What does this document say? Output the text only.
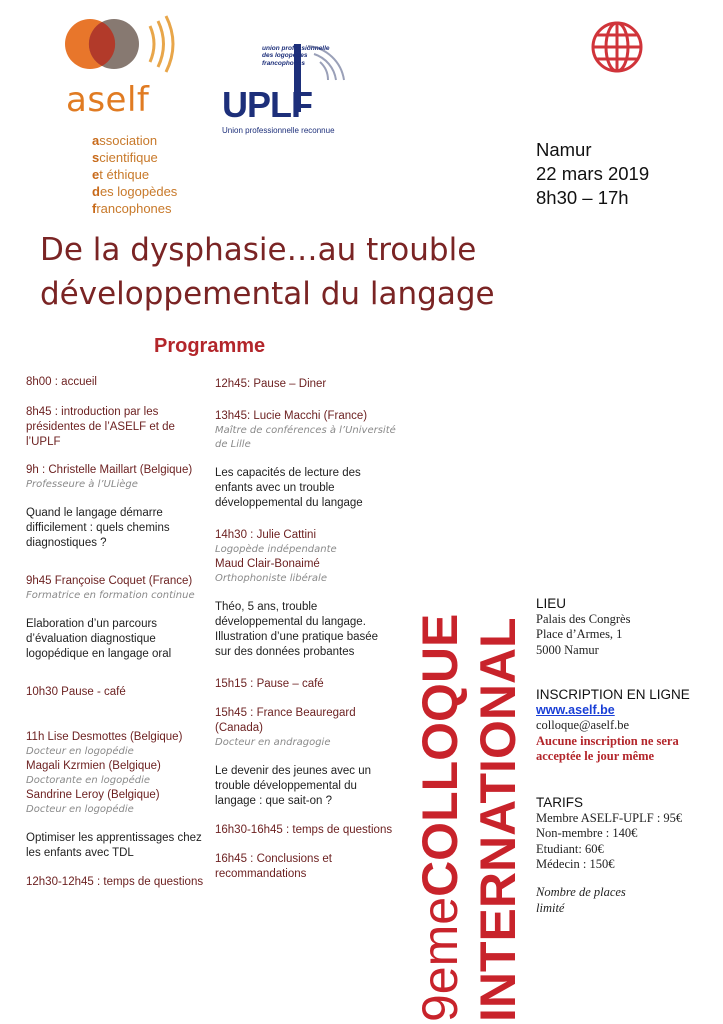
aself
association
scientifique
et éthique
des logopèdes
francophones
union professionnelle des logopèdes francophones
UPLF
Union professionnelle reconnue
Namur
22 mars 2019
8h30 – 17h
De la dysphasie…au trouble
développemental du langage
Programme
8h00 : accueil
8h45 : introduction par les présidentes de l’ASELF et de l’UPLF
9h : Christelle Maillart (Belgique)
Professeure à l’ULiège
Quand le langage démarre difficilement : quels chemins diagnostiques ?
9h45 Françoise Coquet (France)
Formatrice en formation continue
Elaboration d’un parcours d’évaluation diagnostique logopédique en langage oral
10h30 Pause - café
11h Lise Desmottes (Belgique)
Docteur en logopédie
Magali Kzrmien (Belgique)
Doctorante en logopédie
Sandrine Leroy (Belgique)
Docteur en logopédie
Optimiser les apprentissages chez les enfants avec TDL
12h30-12h45 : temps de questions
12h45: Pause – Diner
13h45: Lucie Macchi (France)
Maître de conférences à l’Université de Lille
Les capacités de lecture des enfants avec un trouble développemental du langage
14h30 : Julie Cattini
Logopède indépendante
Maud Clair-Bonaimé
Orthophoniste libérale
Théo, 5 ans, trouble développemental du langage. Illustration d’une pratique basée sur des données probantes
15h15 : Pause – café
15h45 : France Beauregard (Canada)
Docteur en andragogie
Le devenir des jeunes avec un trouble développemental du langage : que sait-on ?
16h30-16h45 : temps de questions
16h45 : Conclusions et recommandations
9emeCOLLOQUE INTERNATIONAL
LIEU
Palais des Congrès
Place d’Armes, 1
5000 Namur
INSCRIPTION EN LIGNE
www.aself.be
colloque@aself.be
Aucune inscription ne sera acceptée le jour même
TARIFS
Membre ASELF-UPLF : 95€
Non-membre : 140€
Etudiant: 60€
Médecin : 150€
Nombre de places limité
